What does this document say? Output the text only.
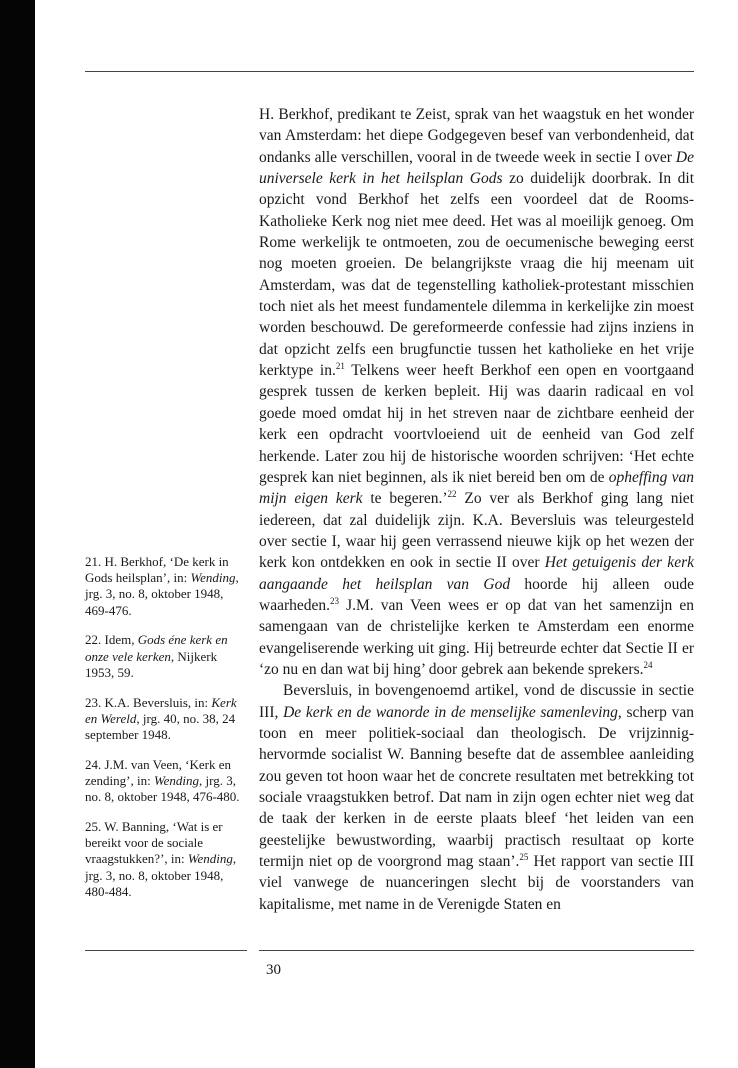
H. Berkhof, predikant te Zeist, sprak van het waagstuk en het wonder van Amsterdam: het diepe Godgegeven besef van verbondenheid, dat ondanks alle verschillen, vooral in de tweede week in sectie I over De universele kerk in het heilsplan Gods zo duidelijk doorbrak. In dit opzicht vond Berkhof het zelfs een voordeel dat de Rooms-Katholieke Kerk nog niet mee deed. Het was al moeilijk genoeg. Om Rome werkelijk te ontmoeten, zou de oecumenische beweging eerst nog moeten groeien. De belangrijkste vraag die hij meenam uit Amsterdam, was dat de tegenstelling katholiek-protestant misschien toch niet als het meest fundamentele dilemma in kerkelijke zin moest worden beschouwd. De gereformeerde confessie had zijns inziens in dat opzicht zelfs een brugfunctie tussen het katholieke en het vrije kerktype in.$^{21}$ Telkens weer heeft Berkhof een open en voortgaand gesprek tussen de kerken bepleit. Hij was daarin radicaal en vol goede moed omdat hij in het streven naar de zichtbare eenheid der kerk een opdracht voortvloeiend uit de eenheid van God zelf herkende. Later zou hij de historische woorden schrijven: ‘Het echte gesprek kan niet beginnen, als ik niet bereid ben om de opheffing van mijn eigen kerk te begeren.’$^{22}$ Zo ver als Berkhof ging lang niet iedereen, dat zal duidelijk zijn. K.A. Beversluis was teleurgesteld over sectie I, waar hij geen verrassend nieuwe kijk op het wezen der kerk kon ontdekken en ook in sectie II over Het getuigenis der kerk aangaande het heilsplan van God hoorde hij alleen oude waarheden.$^{23}$ J.M. van Veen wees er op dat van het samenzijn en samengaan van de christelijke kerken te Amsterdam een enorme evangeliserende werking uit ging. Hij betreurde echter dat Sectie II er ‘zo nu en dan wat bij hing’ door gebrek aan bekende sprekers.$^{24}$

Beversluis, in bovengenoemd artikel, vond de discussie in sectie III, De kerk en de wanorde in de menselijke samenleving, scherp van toon en meer politiek-sociaal dan theologisch. De vrijzinnig-hervormde socialist W. Banning besefte dat de assemblee aanleiding zou geven tot hoon waar het de concrete resultaten met betrekking tot sociale vraagstukken betrof. Dat nam in zijn ogen echter niet weg dat de taak der kerken in de eerste plaats bleef ‘het leiden van een geestelijke bewustwording, waarbij practisch resultaat op korte termijn niet op de voorgrond mag staan’.$^{25}$ Het rapport van sectie III viel vanwege de nuanceringen slecht bij de voorstanders van kapitalisme, met name in de Verenigde Staten en

21. H. Berkhof, ‘De kerk in Gods heilsplan’, in: Wending, jrg. 3, no. 8, oktober 1948, 469-476.

22. Idem, Gods éne kerk en onze vele kerken, Nijkerk 1953, 59.

23. K.A. Beversluis, in: Kerk en Wereld, jrg. 40, no. 38, 24 september 1948.

24. J.M. van Veen, ‘Kerk en zending’, in: Wending, jrg. 3, no. 8, oktober 1948, 476-480.

25. W. Banning, ‘Wat is er bereikt voor de sociale vraagstukken?’, in: Wending, jrg. 3, no. 8, oktober 1948, 480-484.

30
